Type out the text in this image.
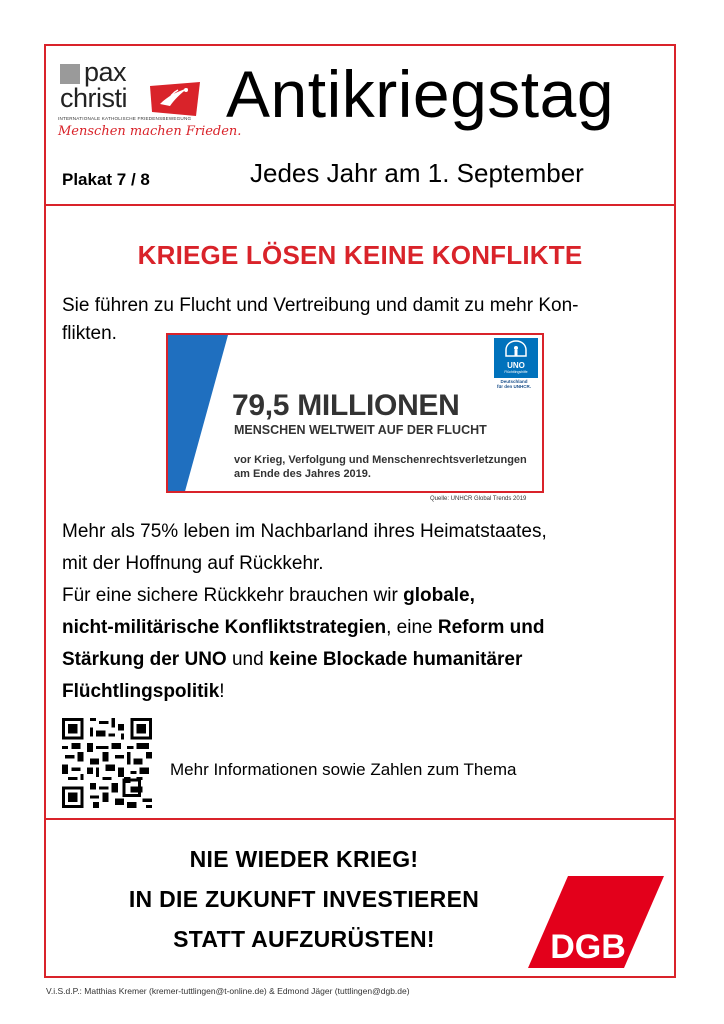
pax
christi
INTERNATIONALE KATHOLISCHE FRIEDENSBEWEGUNG
Menschen machen Frieden.
Plakat 7 / 8
Antikriegstag
Jedes Jahr am 1. September
KRIEGE LÖSEN KEINE KONFLIKTE
Sie führen zu Flucht und Vertreibung und damit zu mehr Kon-
flikten.
79,5 MILLIONEN
MENSCHEN WELTWEIT AUF DER FLUCHT
vor Krieg, Verfolgung und Menschenrechtsverletzungen
am Ende des Jahres 2019.
UNO
Flüchtlingshilfe
Deutschland
für den UNHCR.
Quelle: UNHCR Global Trends 2019
Mehr als 75% leben im Nachbarland ihres Heimatstaates,
mit der Hoffnung auf Rückkehr.
Für eine sichere Rückkehr brauchen wir globale,
nicht-militärische Konfliktstrategien, eine Reform und
Stärkung der UNO und keine Blockade humanitärer
Flüchtlingspolitik!
Mehr Informationen sowie Zahlen zum Thema
NIE WIEDER KRIEG!
IN DIE ZUKUNFT INVESTIEREN
STATT AUFZURÜSTEN!	DGB
V.i.S.d.P.: Matthias Kremer (kremer-tuttlingen@t-online.de) & Edmond Jäger (tuttlingen@dgb.de)
